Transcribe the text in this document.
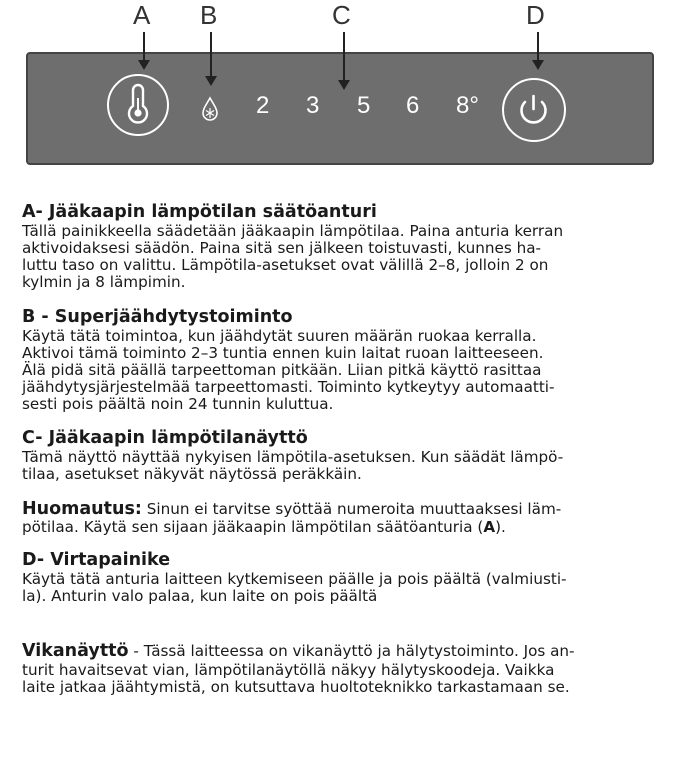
A B	C	D
2 3 5 6 8°
A- Jääkaapin lämpötilan säätöanturi

Tällä painikkeella säädetään jääkaapin lämpötilaa. Paina anturia kerran

aktivoidaksesi säädön. Paina sitä sen jälkeen toistuvasti, kunnes ha-

luttu taso on valittu. Lämpötila-asetukset ovat välillä 2–8, jolloin 2 on

kylmin ja 8 lämpimin.

B - Superjäähdytystoiminto

Käytä tätä toimintoa, kun jäähdytät suuren määrän ruokaa kerralla.

Aktivoi tämä toiminto 2–3 tuntia ennen kuin laitat ruoan laitteeseen.

Älä pidä sitä päällä tarpeettoman pitkään. Liian pitkä käyttö rasittaa

jäähdytysjärjestelmää tarpeettomasti. Toiminto kytkeytyy automaatti-

sesti pois päältä noin 24 tunnin kuluttua.

C- Jääkaapin lämpötilanäyttö

Tämä näyttö näyttää nykyisen lämpötila-asetuksen. Kun säädät lämpö-

tilaa, asetukset näkyvät näytössä peräkkäin.

Huomautus: Sinun ei tarvitse syöttää numeroita muuttaaksesi läm-

pötilaa. Käytä sen sijaan jääkaapin lämpötilan säätöanturia (A).

D- Virtapainike

Käytä tätä anturia laitteen kytkemiseen päälle ja pois päältä (valmiusti-

la). Anturin valo palaa, kun laite on pois päältä

Vikanäyttö - Tässä laitteessa on vikanäyttö ja hälytystoiminto. Jos an-

turit havaitsevat vian, lämpötilanäytöllä näkyy hälytyskoodeja. Vaikka

laite jatkaa jäähtymistä, on kutsuttava huoltoteknikko tarkastamaan se.
